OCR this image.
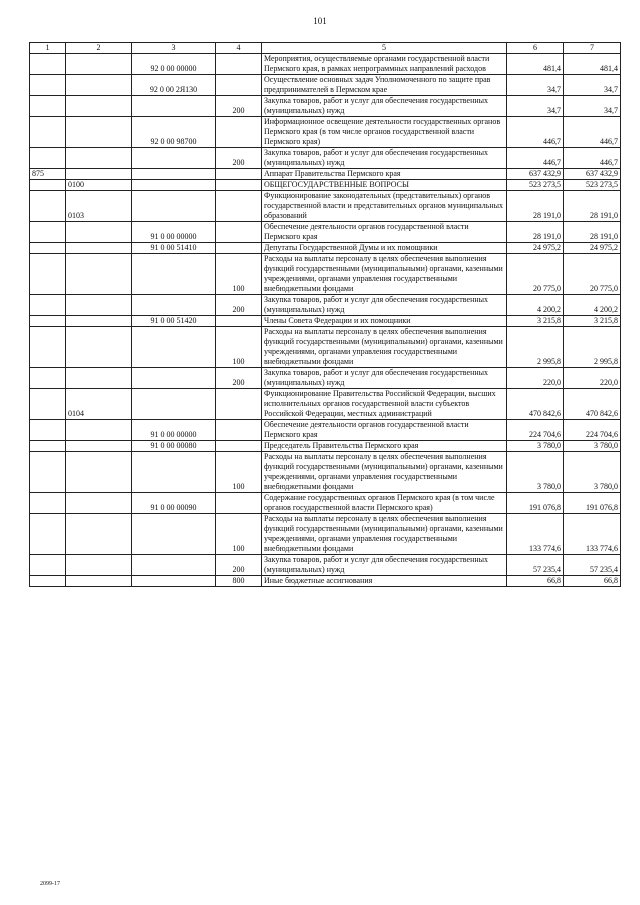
101
1	2	3	4	5	6	7
		92 0 00 00000		Мероприятия, осуществляемые органами государственной власти Пермского края, в рамках непрограммных направлений расходов	481,4	481,4
		92 0 00 2Я130		Осуществление основных задач Уполномоченного по защите прав предпринимателей в Пермском крае	34,7	34,7
			200	Закупка товаров, работ и услуг для обеспечения государственных (муниципальных) нужд	34,7	34,7
		92 0 00 98700		Информационное освещение деятельности государственных органов Пермского края (в том числе органов государственной власти Пермского края)	446,7	446,7
			200	Закупка товаров, работ и услуг для обеспечения государственных (муниципальных) нужд	446,7	446,7
875				Аппарат Правительства Пермского края	637 432,9	637 432,9
	0100			ОБЩЕГОСУДАРСТВЕННЫЕ ВОПРОСЫ	523 273,5	523 273,5
	0103			Функционирование законодательных (представительных) органов государственной власти и представительных органов муниципальных образований	28 191,0	28 191,0
		91 0 00 00000		Обеспечение деятельности органов государственной власти Пермского края	28 191,0	28 191,0
		91 0 00 51410		Депутаты Государственной Думы и их помощники	24 975,2	24 975,2
			100	Расходы на выплаты персоналу в целях обеспечения выполнения функций государственными (муниципальными) органами, казенными учреждениями, органами управления государственными внебюджетными фондами	20 775,0	20 775,0
			200	Закупка товаров, работ и услуг для обеспечения государственных (муниципальных) нужд	4 200,2	4 200,2
		91 0 00 51420		Члены Совета Федерации и их помощники	3 215,8	3 215,8
			100	Расходы на выплаты персоналу в целях обеспечения выполнения функций государственными (муниципальными) органами, казенными учреждениями, органами управления государственными внебюджетными фондами	2 995,8	2 995,8
			200	Закупка товаров, работ и услуг для обеспечения государственных (муниципальных) нужд	220,0	220,0
	0104			Функционирование Правительства Российской Федерации, высших исполнительных органов государственной власти субъектов Российской Федерации, местных администраций	470 842,6	470 842,6
		91 0 00 00000		Обеспечение деятельности органов государственной власти Пермского края	224 704,6	224 704,6
		91 0 00 00080		Председатель Правительства Пермского края	3 780,0	3 780,0
			100	Расходы на выплаты персоналу в целях обеспечения выполнения функций государственными (муниципальными) органами, казенными учреждениями, органами управления государственными внебюджетными фондами	3 780,0	3 780,0
		91 0 00 00090		Содержание государственных органов Пермского края (в том числе органов государственной власти Пермского края)	191 076,8	191 076,8
			100	Расходы на выплаты персоналу в целях обеспечения выполнения функций государственными (муниципальными) органами, казенными учреждениями, органами управления государственными внебюджетными фондами	133 774,6	133 774,6
			200	Закупка товаров, работ и услуг для обеспечения государственных (муниципальных) нужд	57 235,4	57 235,4
			800	Иные бюджетные ассигнования	66,8	66,8
2099-17
